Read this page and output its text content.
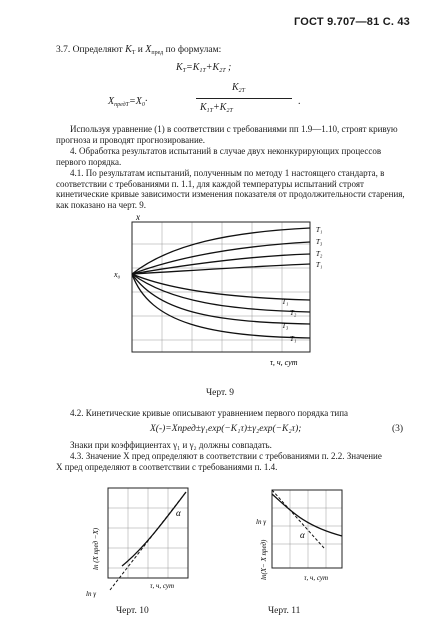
ГОСТ 9.707—81 С. 43
3.7. Определяют $K_T$ и $X_{пред}$ по формулам:
$K_T=K_{1T}+K_{2T}$ ;
$X_{предT}=X_0\cdot$
$K_{2T}$
$K_{1T}+K_{2T}$
.
Используя уравнение (1) в соответствии с требованиями пп 1.9—1.10, строят кривую прогноза и проводят прогнозирование.
4. Обработка результатов испытаний в случае двух неконкурирующих процессов первого порядка.
4.1. По результатам испытаний, полученным по методу 1 настоящего стандарта, в соответствии с требованиями п. 1.1, для каждой температуры испытаний строят кинетические кривые зависимости изменения показателя от продолжительности старения, как показано на черт. 9.
x
x₀
T₁
T₃
T₂
T₁
T₁
T₂
T₃
T₁
τ, ч, сут
Черт. 9
4.2. Кинетические кривые описывают уравнением первого порядка типа
X(-)=Xпред±γ₁exp(−K₁τ)±γ₂exp(−K₂τ);	(3)
Знаки при коэффициентах γ₁ и γ₂ должны совпадать.
4.3. Значение X пред определяют в соответствии с требованиями п. 2.2. Значение
X пред определяют в соответствии с требованиями п. 1.4.
α
ln (X пред −X)
ln γ
τ, ч, сут
Черт. 10
α
ln γ
ln(X− X пред)	τ, ч, сут
Черт. 11
